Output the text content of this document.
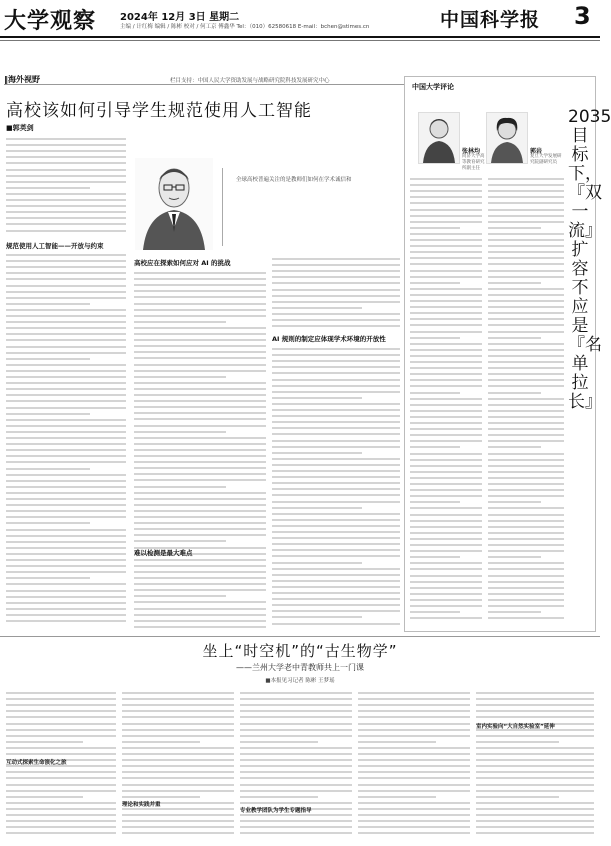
大学观察 2024年 12月 3日 星期二
主编 / 计红梅 编辑 / 陈彬 校对 / 何工京 傅鑫华 Tel：（010）62580618 E-mail：bchen@stimes.cn	中国科学报 3
‖海外视野	栏目支持：中国人民大学资助发展与战略研究院科技发展研究中心
高校该如何引导学生规范使用人工智能
■郭英剑
规范使用人工智能——开放与约束
全球高校普遍关注的是教师们如何在学术诚信和
高校应在探索如何应对 AI 的挑战
AI 规则的制定应体现学术环境的开放性
难以检测是最大难点
中国大学评论
2035目标下，『双一流』扩容不应是『名单拉长』
张林均
同济大学高等教育研究所副主任
郭岩
复旦大学发展研究院副研究员
坐上“时空机”的“古生物学”
——兰州大学老中青教师共上一门课
■本报见习记者 陈彬 王梦瑶
互动式探索生命演化之旅
理论和实践并重
专业教学团队为学生专题指导
室内实验向“大自然实验室”延伸
